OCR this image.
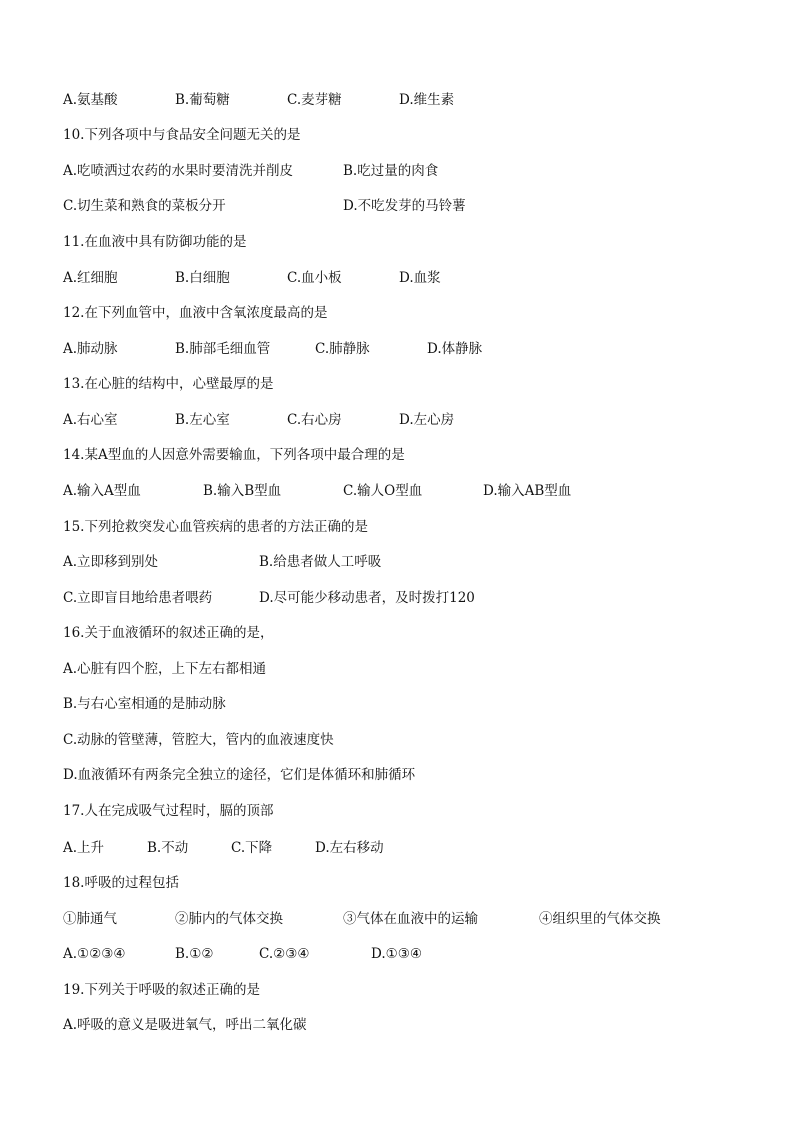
A.氨基酸	B.葡萄糖	C.麦芽糖	D.维生素
10.下列各项中与食品安全问题无关的是
A.吃喷洒过农药的水果时要清洗并削皮	B.吃过量的肉食
C.切生菜和熟食的菜板分开	D.不吃发芽的马铃薯
11.在血液中具有防御功能的是
A.红细胞	B.白细胞	C.血小板	D.血浆
12.在下列血管中，血液中含氧浓度最高的是
A.肺动脉	B.肺部毛细血管	C.肺静脉	D.体静脉
13.在心脏的结构中，心壁最厚的是
A.右心室	B.左心室	C.右心房	D.左心房
14.某A型血的人因意外需要输血，下列各项中最合理的是
A.输入A型血	B.输入B型血	C.输人O型血	D.输入AB型血
15.下列抢救突发心血管疾病的患者的方法正确的是
A.立即移到别处	B.给患者做人工呼吸
C.立即盲目地给患者喂药	D.尽可能少移动患者，及时拨打120
16.关于血液循环的叙述正确的是，
A.心脏有四个腔，上下左右都相通
B.与右心室相通的是肺动脉
C.动脉的管壁薄，管腔大，管内的血液速度快
D.血液循环有两条完全独立的途径，它们是体循环和肺循环
17.人在完成吸气过程时，膈的顶部
A.上升	B.不动	C.下降	D.左右移动
18.呼吸的过程包括
①肺通气	②肺内的气体交换	③气体在血液中的运输	④组织里的气体交换
A.①②③④	B.①②	C.②③④	D.①③④
19.下列关于呼吸的叙述正确的是
A.呼吸的意义是吸进氧气，呼出二氧化碳
